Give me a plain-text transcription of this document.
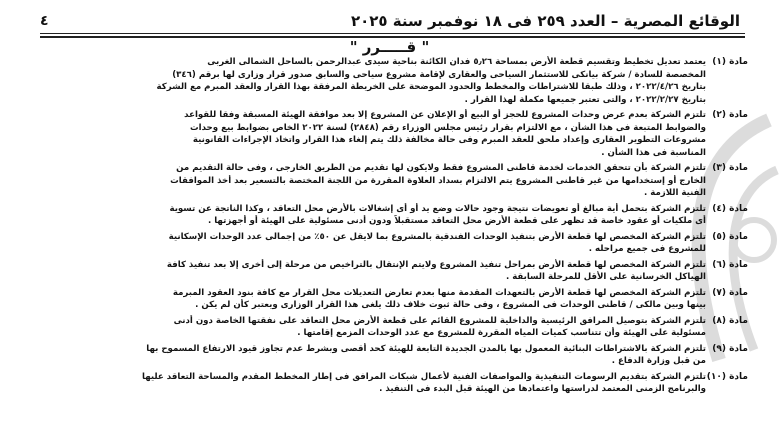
الوقائع المصرية – العدد ٢٥٩ فى ١٨ نوفمبر سنة ٢٠٢٥
٤
" قـــــرر "
مادة (١)
يعتمد تعديل تخطيط وتقسيم قطعة الأرض بمساحة ٥٫٢٦ فدان الكائنة بناحية سيدى عبدالرحمن بالساحل الشمالى الغربى
المخصصة للسادة / شركة بيانكى للاستثمار السياحى والعقارى لإقامة مشروع سياحى والسابق صدور قرار وزارى لها برقم (٣٤٦)
بتاريخ ٢٠٢٢/٤/٢٦ ، وذلك طبقا للاشتراطات والمخطط والحدود الموضحة على الخريطة المرفقة بهذا القرار والعقد المبرم مع الشركة
بتاريخ ٢٠٢٢/٢/٢٧ ، والتى تعتبر جميعها مكملة لهذا القرار .
مادة (٢)
تلتزم الشركة بعدم عرض وحدات المشروع للحجز أو البيع أو الإعلان عن المشروع إلا بعد موافقة الهيئة المسبقة وفقا للقواعد
والضوابط المتبعة فى هذا الشأن ، مع الالتزام بقرار رئيس مجلس الوزراء رقم (٢٨٤٨) لسنة ٢٠٢٢ الخاص بضوابط بيع وحدات
مشروعات التطوير العقارى وإعداد ملحق للعقد المبرم وفى حالة مخالفة ذلك يتم إلغاء هذا القرار واتخاذ الإجراءات القانونية
المناسبة فى هذا الشأن .
مادة (٣)
تلتزم الشركة بأن تتحقق الخدمات لخدمة قاطنى المشروع فقط ولايكون لها تقديم من الطريق الخارجى ، وفى حالة التقديم من
الخارج أو إستخدامها من غير قاطنى المشروع يتم الالتزام بسداد العلاوة المقررة من اللجنة المختصة بالتسعير بعد أخذ الموافقات
الفنية اللازمة .
مادة (٤)
تلتزم الشركة بتحمل أية مبالغ أو تعويضات نتيجة وجود حالات وضع يد أو أى إشغالات بالأرض محل التعاقد ، وكذا الناتجة عن تسوية
أى ملكيات أو عقود خاصة قد تظهر على قطعة الأرض محل التعاقد مستقبلاً ودون أدنى مسئولية على الهيئة أو أجهزتها .
مادة (٥)
تلتزم الشركة المخصص لها قطعة الأرض بتنفيذ الوحدات الفندقية بالمشروع بما لايقل عن ٥٠٪ من إجمالى عدد الوحدات الإسكانية
للمشروع فى جميع مراحله .
مادة (٦)
تلتزم الشركة المخصص لها قطعة الأرض بمراحل تنفيذ المشروع ولايتم الإنتقال بالتراخيص من مرحلة إلى أخرى إلا بعد تنفيذ كافة
الهياكل الخرسانية على الأقل للمرحلة السابقة .
مادة (٧)
تلتزم الشركة المخصص لها قطعة الأرض بالتعهدات المقدمة منها بعدم تعارض التعديلات محل القرار مع كافة بنود العقود المبرمة
بينها وبين مالكى / قاطنى الوحدات فى المشروع ، وفى حالة ثبوت خلاف ذلك يلغى هذا القرار الوزارى ويعتبر كأن لم يكن .
مادة (٨)
تلتزم الشركة بتوصيل المرافق الرئيسية والداخلية للمشروع القائم على قطعة الأرض محل التعاقد على نفقتها الخاصة دون أدنى
مسئولية على الهيئة وأن تتناسب كميات المياه المقررة للمشروع مع عدد الوحدات المزمع إقامتها .
مادة (٩)
تلتزم الشركة بالاشتراطات البنائية المعمول بها بالمدن الجديدة التابعة للهيئة كحد أقصى وبشرط عدم تجاوز قيود الارتفاع المسموح بها
من قبل وزارة الدفاع .
مادة (١٠)
تلتزم الشركة بتقديم الرسومات التنفيذية والمواصفات الفنية لأعمال شبكات المرافق فى إطار المخطط المقدم والمساحة التعاقد عليها
والبرنامج الزمنى المعتمد لدراستها واعتمادها من الهيئة قبل البدء فى التنفيذ .
